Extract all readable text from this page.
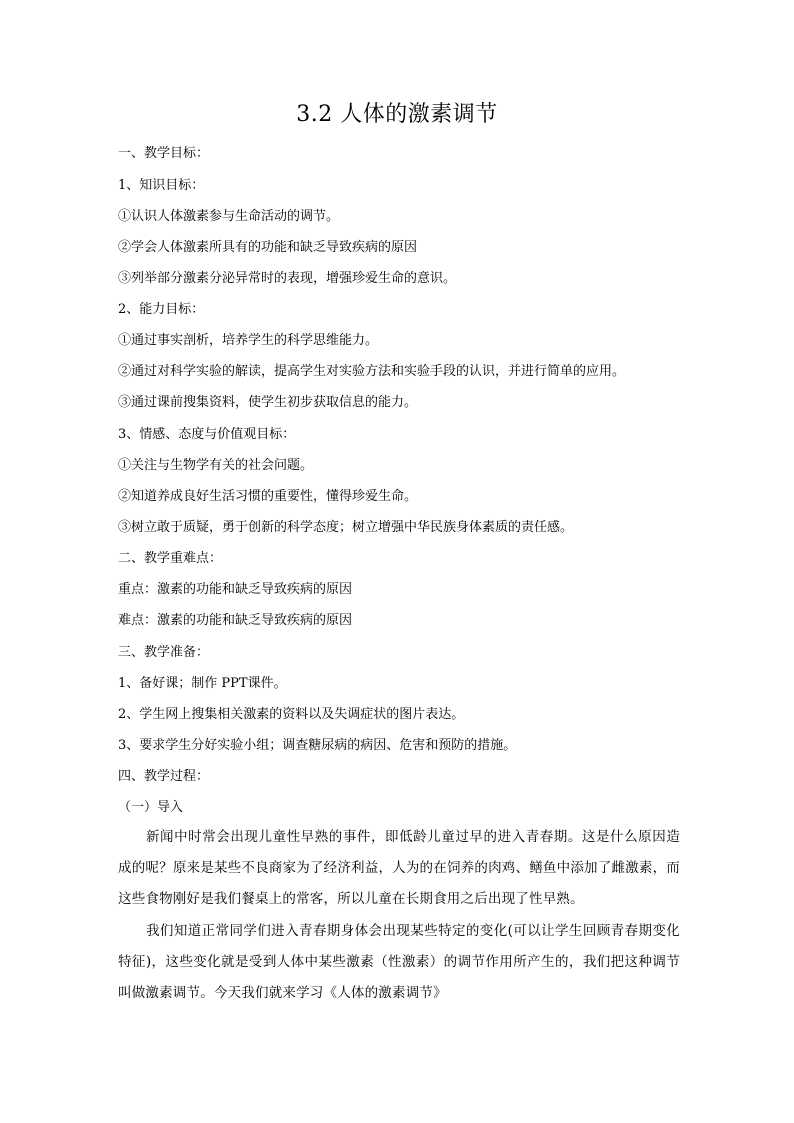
3.2 人体的激素调节
一、教学目标：
1、知识目标：
①认识人体激素参与生命活动的调节。
②学会人体激素所具有的功能和缺乏导致疾病的原因
③列举部分激素分泌异常时的表现，增强珍爱生命的意识。
2、能力目标：
①通过事实剖析，培养学生的科学思维能力。
②通过对科学实验的解读，提高学生对实验方法和实验手段的认识，并进行简单的应用。
③通过课前搜集资料，使学生初步获取信息的能力。
3、情感、态度与价值观目标：
①关注与生物学有关的社会问题。
②知道养成良好生活习惯的重要性，懂得珍爱生命。
③树立敢于质疑，勇于创新的科学态度；树立增强中华民族身体素质的责任感。
二、教学重难点：
重点：激素的功能和缺乏导致疾病的原因
难点：激素的功能和缺乏导致疾病的原因
三、教学准备：
1、备好课；制作 PPT课件。
2、学生网上搜集相关激素的资料以及失调症状的图片表达。
3、要求学生分好实验小组；调查糖尿病的病因、危害和预防的措施。
四、教学过程：
（一）导入
新闻中时常会出现儿童性早熟的事件，即低龄儿童过早的进入青春期。这是什么原因造成的呢？原来是某些不良商家为了经济利益，人为的在饲养的肉鸡、鳝鱼中添加了雌激素，而这些食物刚好是我们餐桌上的常客，所以儿童在长期食用之后出现了性早熟。
我们知道正常同学们进入青春期身体会出现某些特定的变化(可以让学生回顾青春期变化特征)，这些变化就是受到人体中某些激素（性激素）的调节作用所产生的，我们把这种调节叫做激素调节。今天我们就来学习《人体的激素调节》
